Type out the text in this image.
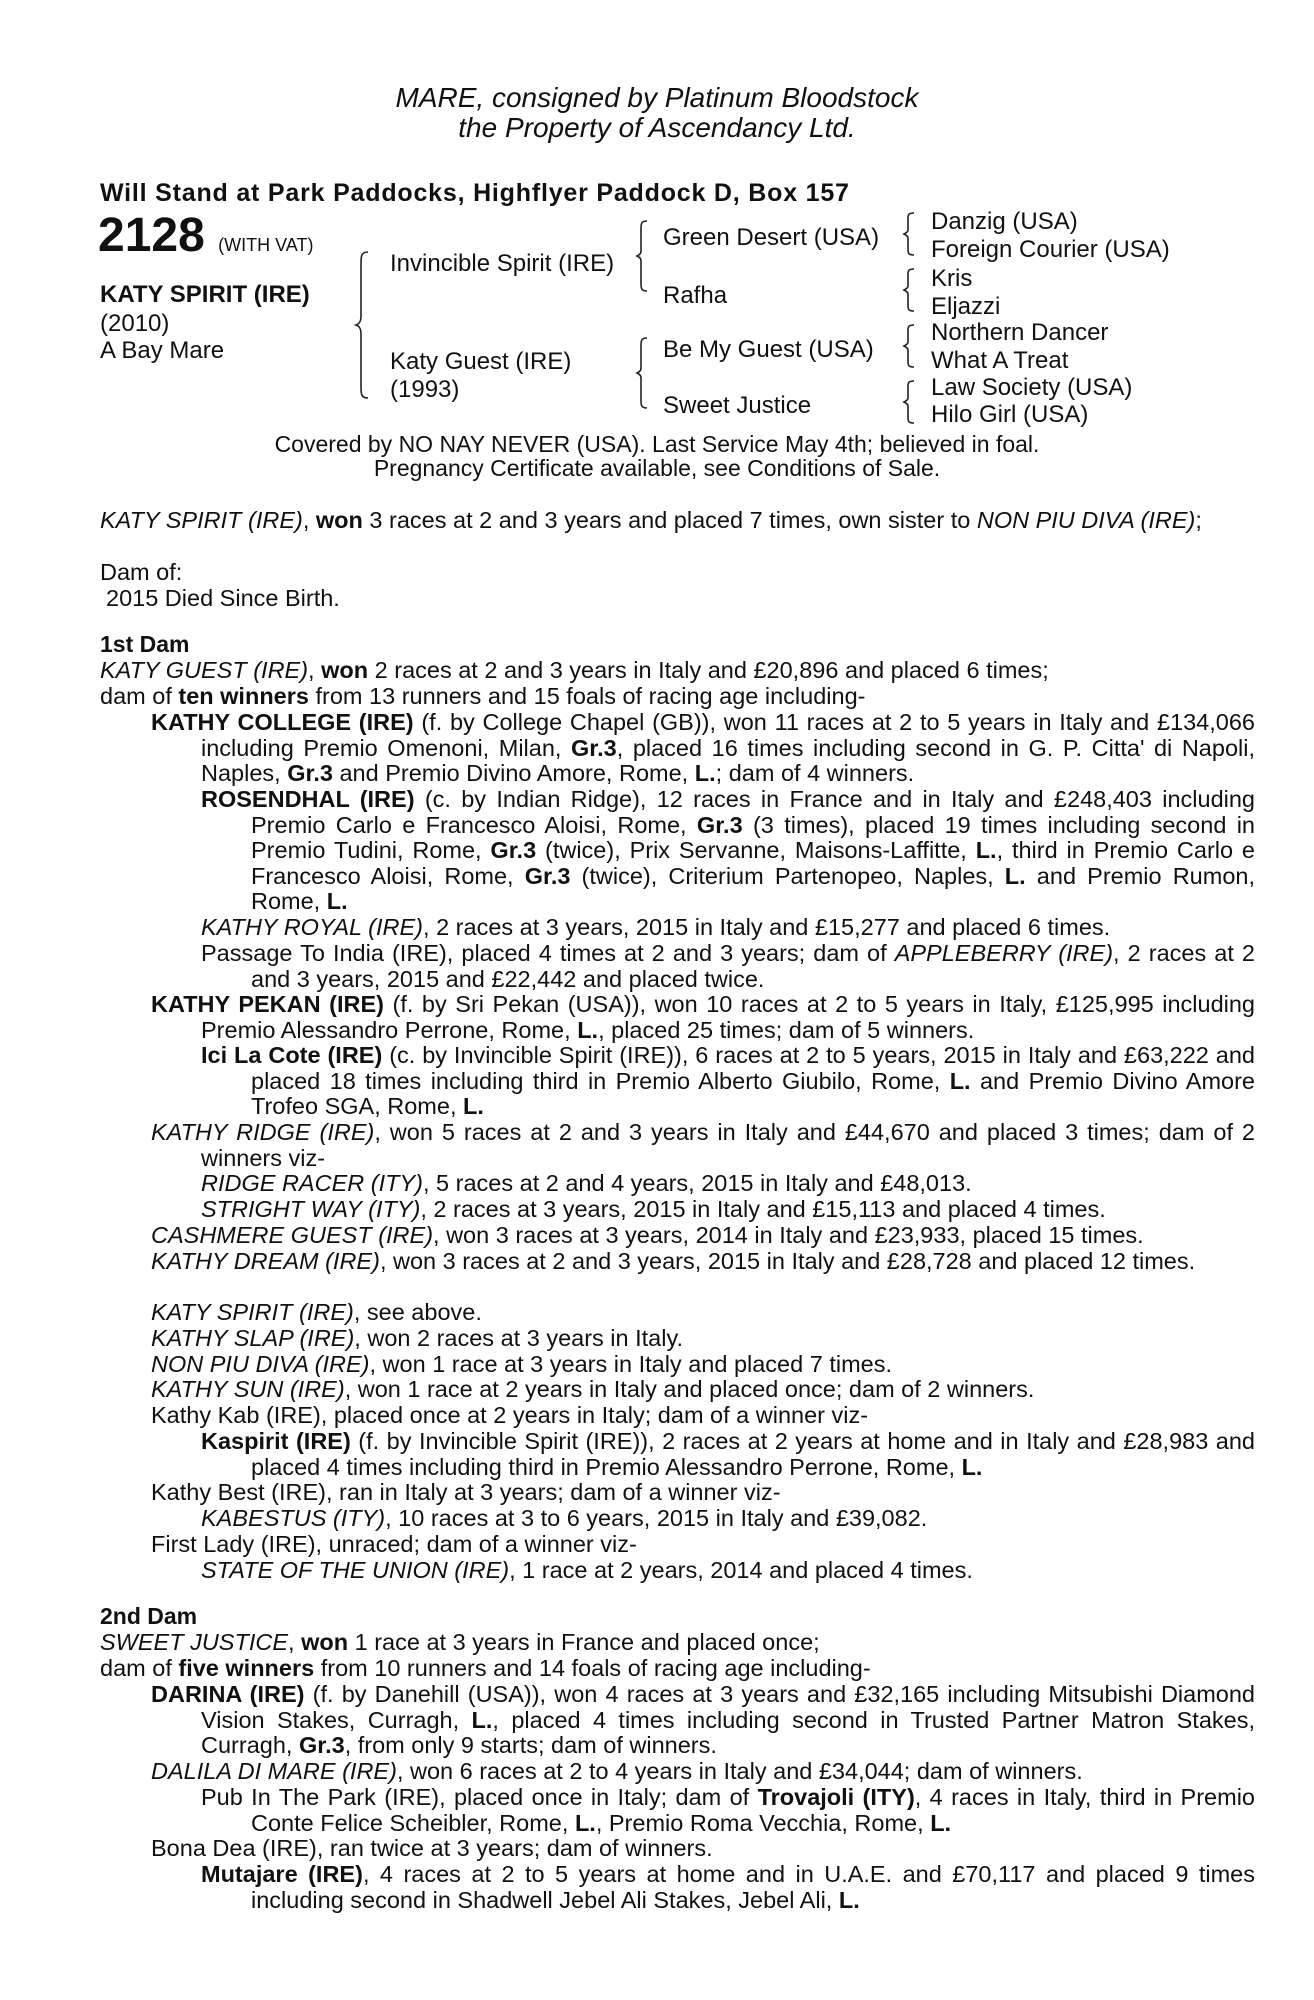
MARE, consigned by Platinum Bloodstock
the Property of Ascendancy Ltd.
Will Stand at Park Paddocks, Highflyer Paddock D, Box 157
2128 (WITH VAT)
KATY SPIRIT (IRE)
(2010)
A Bay Mare
Invincible Spirit (IRE)
Katy Guest (IRE)
(1993)
Green Desert (USA)
Rafha
Be My Guest (USA)
Sweet Justice
Danzig (USA)
Foreign Courier (USA)
Kris
Eljazzi
Northern Dancer
What A Treat
Law Society (USA)
Hilo Girl (USA)
Covered by NO NAY NEVER (USA). Last Service May 4th; believed in foal.
Pregnancy Certificate available, see Conditions of Sale.
KATY SPIRIT (IRE), won 3 races at 2 and 3 years and placed 7 times, own sister to NON PIU DIVA (IRE);
Dam of:
2015 Died Since Birth.
1st Dam
KATY GUEST (IRE), won 2 races at 2 and 3 years in Italy and £20,896 and placed 6 times;
dam of ten winners from 13 runners and 15 foals of racing age including-
KATHY COLLEGE (IRE) (f. by College Chapel (GB)), won 11 races at 2 to 5 years in Italy and £134,066 including Premio Omenoni, Milan, Gr.3, placed 16 times including second in G. P. Citta' di Napoli, Naples, Gr.3 and Premio Divino Amore, Rome, L.; dam of 4 winners.
ROSENDHAL (IRE) (c. by Indian Ridge), 12 races in France and in Italy and £248,403 including Premio Carlo e Francesco Aloisi, Rome, Gr.3 (3 times), placed 19 times including second in Premio Tudini, Rome, Gr.3 (twice), Prix Servanne, Maisons-Laffitte, L., third in Premio Carlo e Francesco Aloisi, Rome, Gr.3 (twice), Criterium Partenopeo, Naples, L. and Premio Rumon, Rome, L.
KATHY ROYAL (IRE), 2 races at 3 years, 2015 in Italy and £15,277 and placed 6 times.
Passage To India (IRE), placed 4 times at 2 and 3 years; dam of APPLEBERRY (IRE), 2 races at 2 and 3 years, 2015 and £22,442 and placed twice.
KATHY PEKAN (IRE) (f. by Sri Pekan (USA)), won 10 races at 2 to 5 years in Italy, £125,995 including Premio Alessandro Perrone, Rome, L., placed 25 times; dam of 5 winners.
Ici La Cote (IRE) (c. by Invincible Spirit (IRE)), 6 races at 2 to 5 years, 2015 in Italy and £63,222 and placed 18 times including third in Premio Alberto Giubilo, Rome, L. and Premio Divino Amore Trofeo SGA, Rome, L.
KATHY RIDGE (IRE), won 5 races at 2 and 3 years in Italy and £44,670 and placed 3 times; dam of 2 winners viz-
RIDGE RACER (ITY), 5 races at 2 and 4 years, 2015 in Italy and £48,013.
STRIGHT WAY (ITY), 2 races at 3 years, 2015 in Italy and £15,113 and placed 4 times.
CASHMERE GUEST (IRE), won 3 races at 3 years, 2014 in Italy and £23,933, placed 15 times.
KATHY DREAM (IRE), won 3 races at 2 and 3 years, 2015 in Italy and £28,728 and placed 12 times.
KATY SPIRIT (IRE), see above.
KATHY SLAP (IRE), won 2 races at 3 years in Italy.
NON PIU DIVA (IRE), won 1 race at 3 years in Italy and placed 7 times.
KATHY SUN (IRE), won 1 race at 2 years in Italy and placed once; dam of 2 winners.
Kathy Kab (IRE), placed once at 2 years in Italy; dam of a winner viz-
Kaspirit (IRE) (f. by Invincible Spirit (IRE)), 2 races at 2 years at home and in Italy and £28,983 and placed 4 times including third in Premio Alessandro Perrone, Rome, L.
Kathy Best (IRE), ran in Italy at 3 years; dam of a winner viz-
KABESTUS (ITY), 10 races at 3 to 6 years, 2015 in Italy and £39,082.
First Lady (IRE), unraced; dam of a winner viz-
STATE OF THE UNION (IRE), 1 race at 2 years, 2014 and placed 4 times.
2nd Dam
SWEET JUSTICE, won 1 race at 3 years in France and placed once;
dam of five winners from 10 runners and 14 foals of racing age including-
DARINA (IRE) (f. by Danehill (USA)), won 4 races at 3 years and £32,165 including Mitsubishi Diamond Vision Stakes, Curragh, L., placed 4 times including second in Trusted Partner Matron Stakes, Curragh, Gr.3, from only 9 starts; dam of winners.
DALILA DI MARE (IRE), won 6 races at 2 to 4 years in Italy and £34,044; dam of winners.
Pub In The Park (IRE), placed once in Italy; dam of Trovajoli (ITY), 4 races in Italy, third in Premio Conte Felice Scheibler, Rome, L., Premio Roma Vecchia, Rome, L.
Bona Dea (IRE), ran twice at 3 years; dam of winners.
Mutajare (IRE), 4 races at 2 to 5 years at home and in U.A.E. and £70,117 and placed 9 times including second in Shadwell Jebel Ali Stakes, Jebel Ali, L.
